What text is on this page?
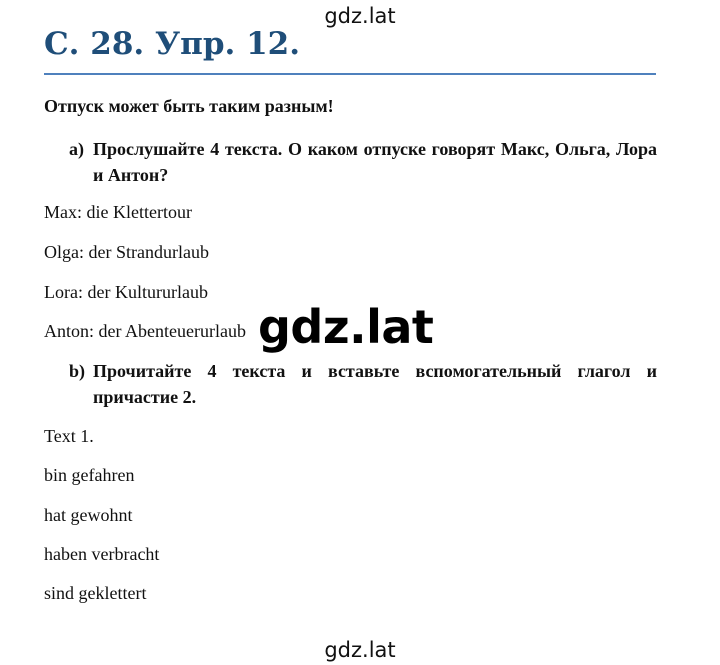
gdz.lat
С. 28. Упр. 12.
Отпуск может быть таким разным!
a) Прослушайте 4 текста. О каком отпуске говорят Макс, Ольга, Лора и Антон?
Max: die Klettertour
Olga: der Strandurlaub
Lora: der Kultururlaub
Anton: der Abenteuerurlaub gdz.lat
b) Прочитайте 4 текста и вставьте вспомогательный глагол и причастие 2.
Text 1.
bin gefahren
hat gewohnt
haben verbracht
sind geklettert
gdz.lat
